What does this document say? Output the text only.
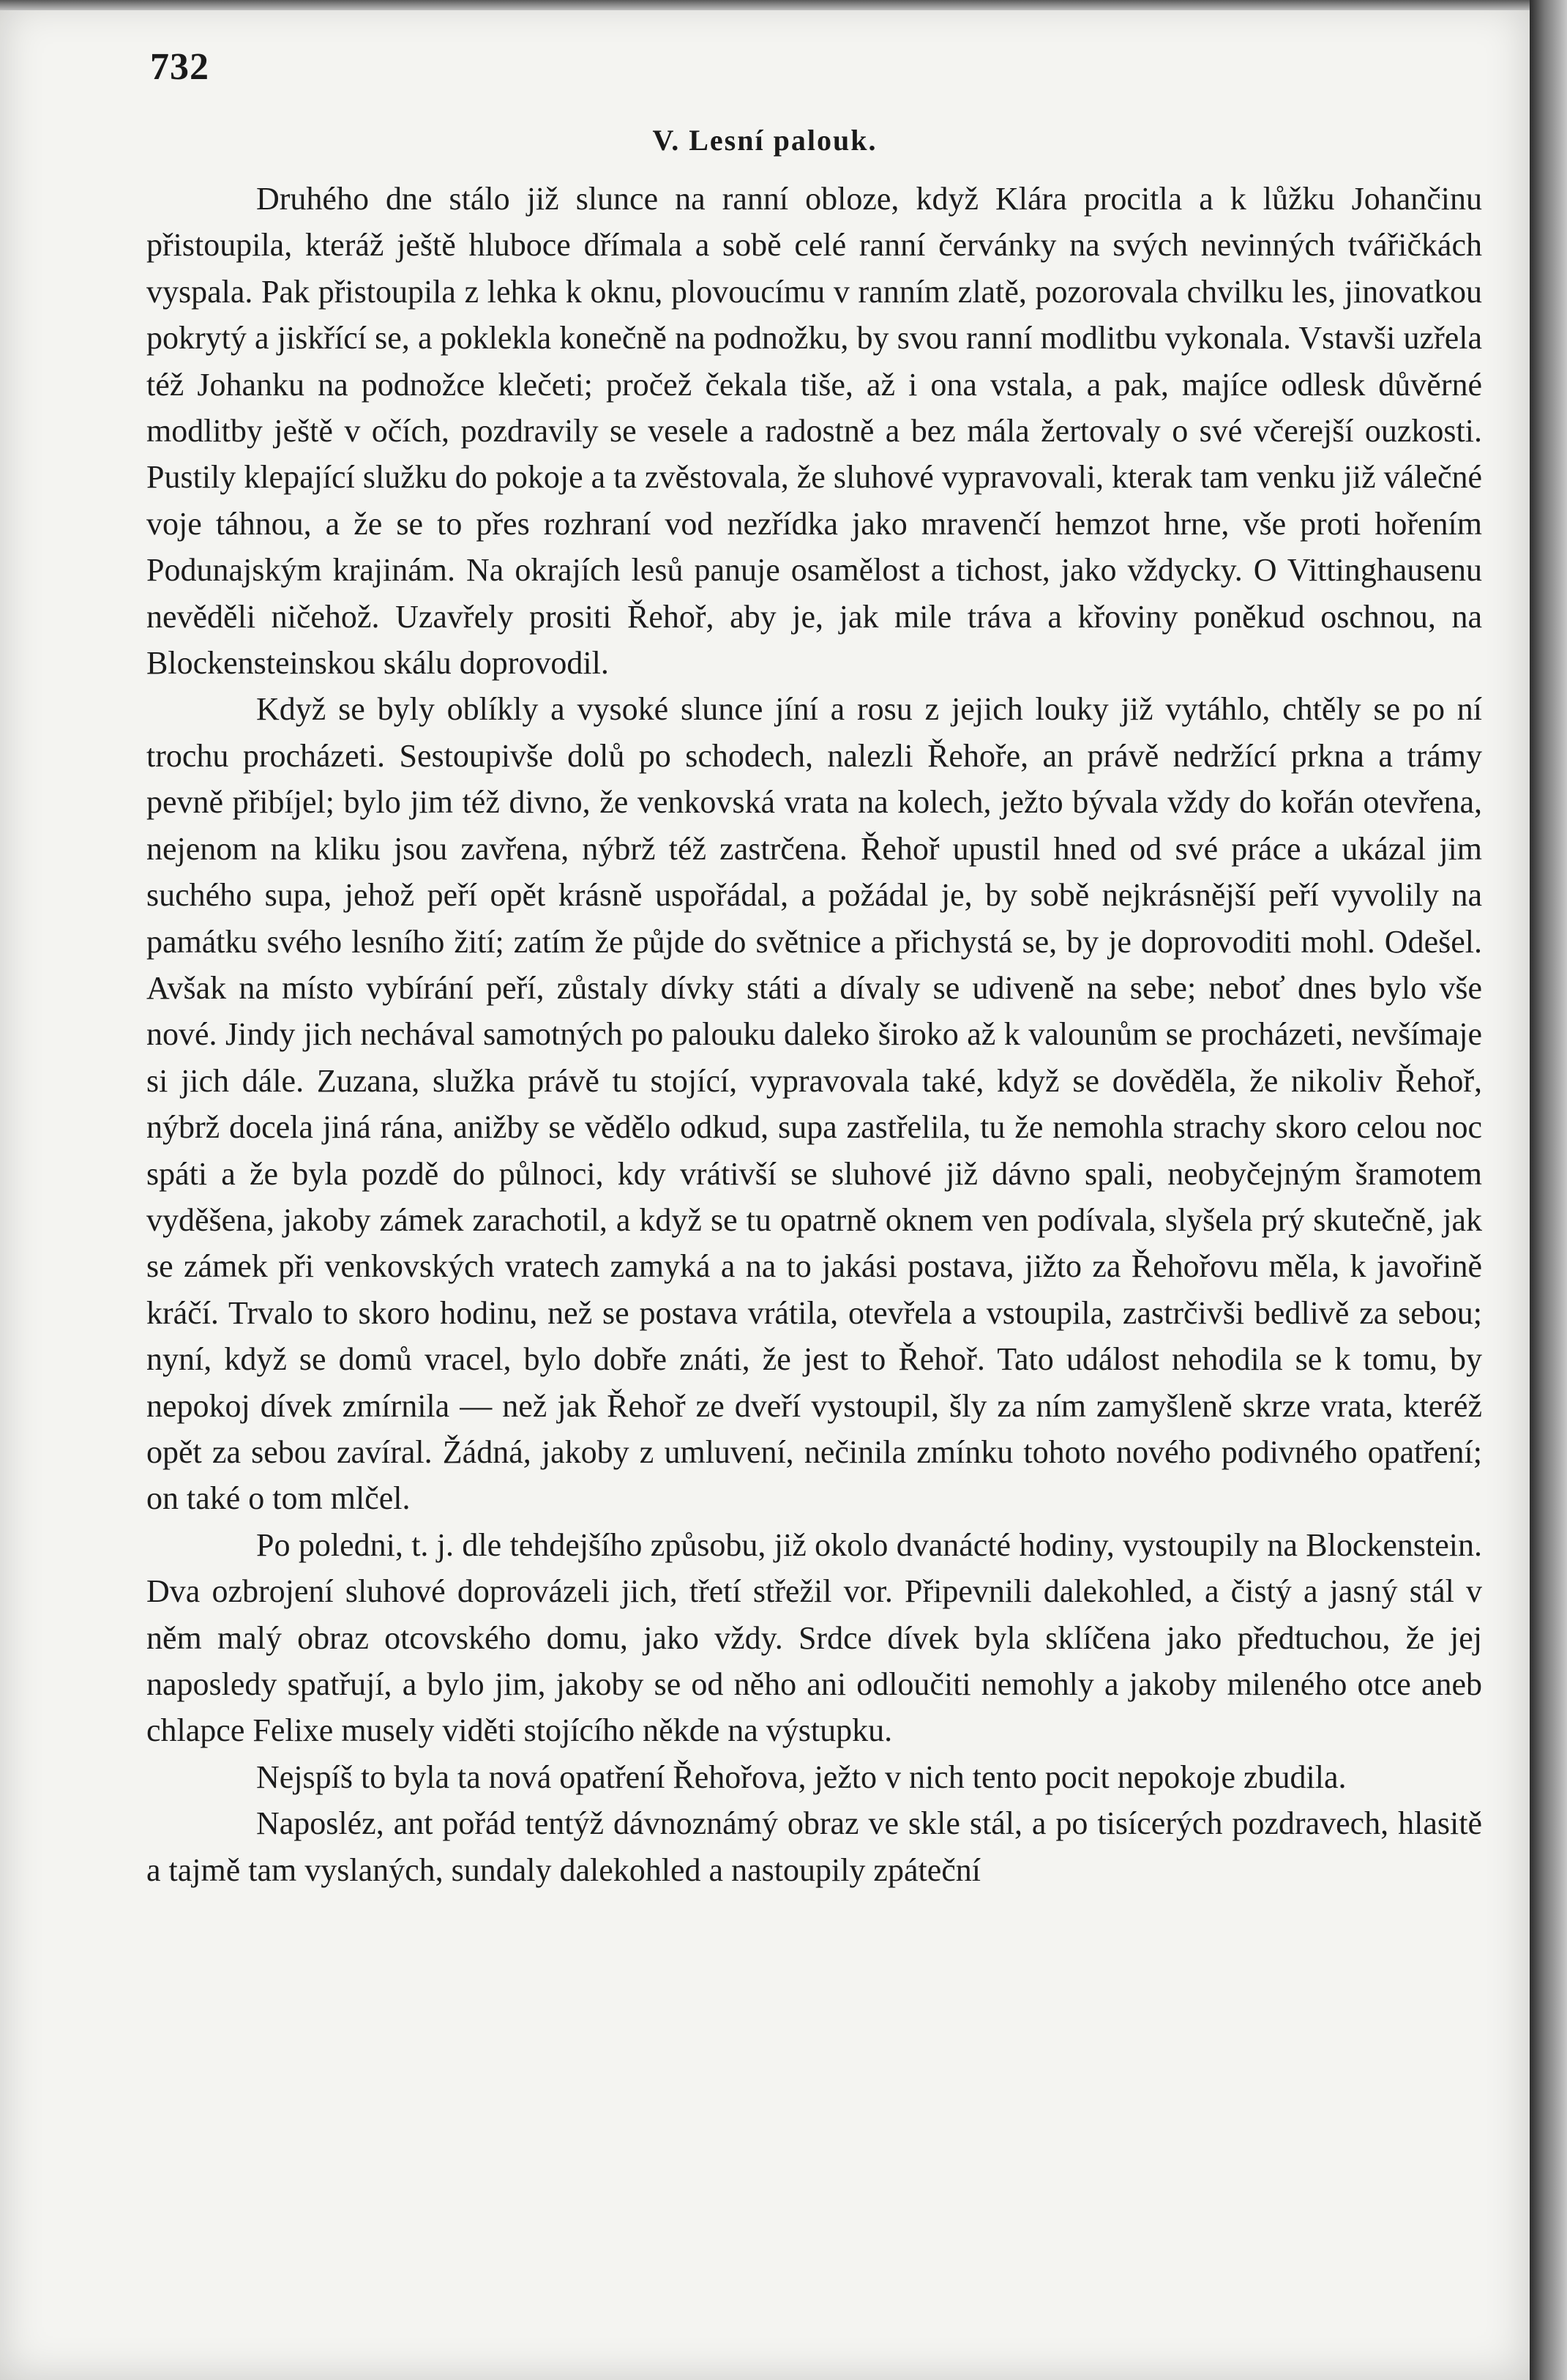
732
V. Lesní palouk.

Druhého dne stálo již slunce na ranní obloze, když Klára procitla a k lůžku Johančinu přistoupila, kteráž ještě hluboce dřímala a sobě celé ranní červánky na svých nevinných tvářičkách vyspala. Pak přistoupila z lehka k oknu, plovoucímu v ranním zlatě, pozorovala chvilku les, jinovatkou pokrytý a jiskřící se, a poklekla konečně na podnožku, by svou ranní modlitbu vykonala. Vstavši uzřela též Johanku na podnožce klečeti; pročež čekala tiše, až i ona vstala, a pak, majíce odlesk důvěrné modlitby ještě v očích, pozdravily se vesele a radostně a bez mála žertovaly o své včerejší ouzkosti. Pustily klepající služku do pokoje a ta zvěstovala, že sluhové vypravovali, kterak tam venku již válečné voje táhnou, a že se to přes rozhraní vod nezřídka jako mravenčí hemzot hrne, vše proti hořením Podunajským krajinám. Na okrajích lesů panuje osamělost a tichost, jako vždycky. O Vittinghausenu nevěděli ničehož. Uzavřely prositi Řehoř, aby je, jak mile tráva a křoviny poněkud oschnou, na Blockensteinskou skálu doprovodil.

Když se byly oblíkly a vysoké slunce jíní a rosu z jejich louky již vytáhlo, chtěly se po ní trochu procházeti. Sestoupivše dolů po schodech, nalezli Řehoře, an právě nedržící prkna a trámy pevně přibíjel; bylo jim též divno, že venkovská vrata na kolech, ježto bývala vždy do kořán otevřena, nejenom na kliku jsou zavřena, nýbrž též zastrčena. Řehoř upustil hned od své práce a ukázal jim suchého supa, jehož peří opět krásně uspořádal, a požádal je, by sobě nejkrásnější peří vyvolily na památku svého lesního žití; zatím že půjde do světnice a přichystá se, by je doprovoditi mohl. Odešel. Avšak na místo vybírání peří, zůstaly dívky státi a dívaly se udiveně na sebe; neboť dnes bylo vše nové. Jindy jich nechával samotných po palouku daleko široko až k valounům se procházeti, nevšímaje si jich dále. Zuzana, služka právě tu stojící, vypravovala také, když se dověděla, že nikoliv Řehoř, nýbrž docela jiná rána, anižby se vědělo odkud, supa zastřelila, tu že nemohla strachy skoro celou noc spáti a že byla pozdě do půlnoci, kdy vrátivší se sluhové již dávno spali, neobyčejným šramotem vyděšena, jakoby zámek zarachotil, a když se tu opatrně oknem ven podívala, slyšela prý skutečně, jak se zámek při venkovských vratech zamyká a na to jakási postava, jižto za Řehořovu měla, k javořině kráčí. Trvalo to skoro hodinu, než se postava vrátila, otevřela a vstoupila, zastrčivši bedlivě za sebou; nyní, když se domů vracel, bylo dobře znáti, že jest to Řehoř. Tato událost nehodila se k tomu, by nepokoj dívek zmírnila — než jak Řehoř ze dveří vystoupil, šly za ním zamyšleně skrze vrata, kteréž opět za sebou zavíral. Žádná, jakoby z umluvení, nečinila zmínku tohoto nového podivného opatření; on také o tom mlčel.

Po poledni, t. j. dle tehdejšího způsobu, již okolo dvanácté hodiny, vystoupily na Blockenstein. Dva ozbrojení sluhové doprovázeli jich, třetí střežil vor. Připevnili dalekohled, a čistý a jasný stál v něm malý obraz otcovského domu, jako vždy. Srdce dívek byla sklíčena jako předtuchou, že jej naposledy spatřují, a bylo jim, jakoby se od něho ani odloučiti nemohly a jakoby mileného otce aneb chlapce Felixe musely viděti stojícího někde na výstupku.

Nejspíš to byla ta nová opatření Řehořova, ježto v nich tento pocit nepokoje zbudila.

Naposléz, ant pořád tentýž dávnoznámý obraz ve skle stál, a po tisícerých pozdravech, hlasitě a tajmě tam vyslaných, sundaly dalekohled a nastoupily zpáteční
